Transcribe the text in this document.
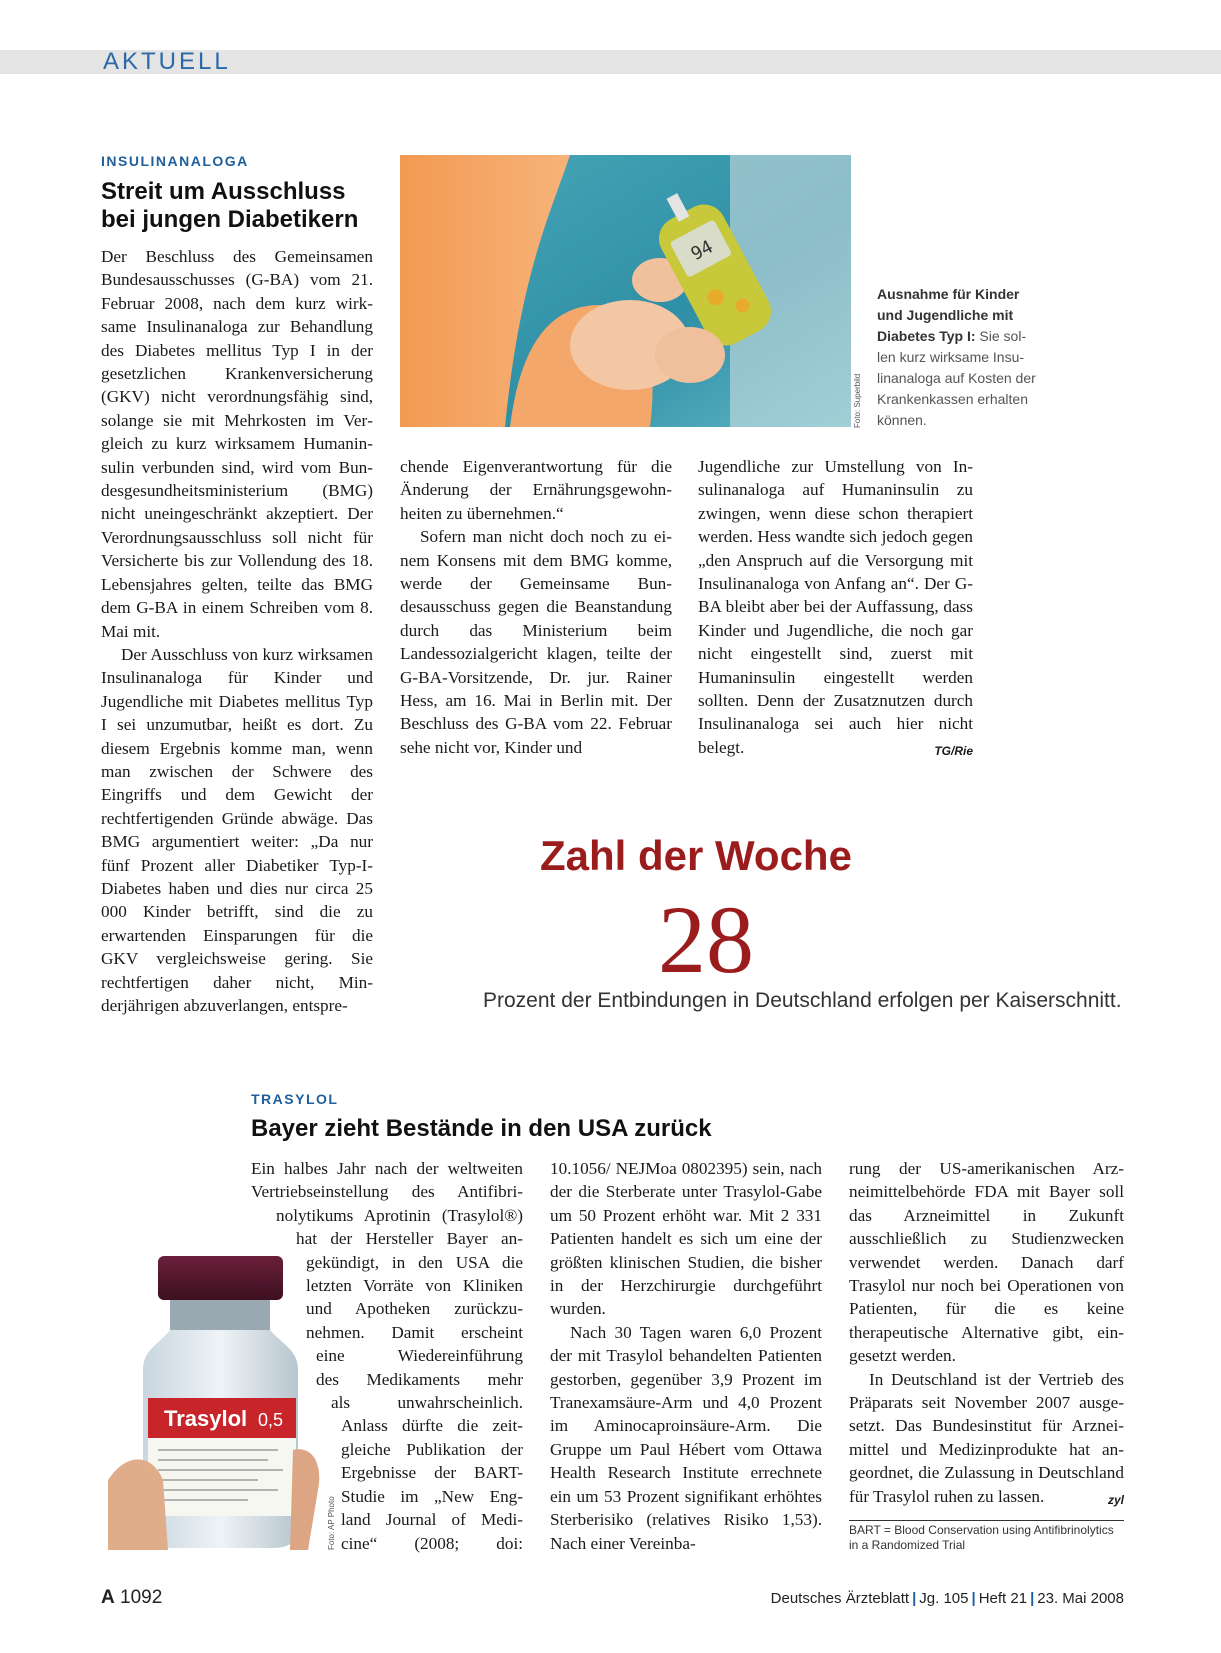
AKTUELL
INSULINANALOGA
Streit um Ausschluss
bei jungen Diabetikern

Der Beschluss des Gemeinsamen Bundesausschusses (G-BA) vom 21. Februar 2008, nach dem kurz wirksame Insulinanaloga zur Behandlung des Diabetes mellitus Typ I in der gesetzlichen Krankenversicherung (GKV) nicht verordnungsfähig sind, solange sie mit Mehrkosten im Vergleich zu kurz wirksamem Humaninsulin verbunden sind, wird vom Bundesgesundheitsministerium (BMG) nicht uneingeschränkt akzeptiert. Der Verordnungsausschluss soll nicht für Versicherte bis zur Vollendung des 18. Lebensjahres gelten, teilte das BMG dem G-BA in einem Schreiben vom 8. Mai mit.

Der Ausschluss von kurz wirksamen Insulinanaloga für Kinder und Jugendliche mit Diabetes mellitus Typ I sei unzumutbar, heißt es dort. Zu diesem Ergebnis komme man, wenn man zwischen der Schwere des Eingriffs und dem Gewicht der rechtfertigenden Gründe abwäge. Das BMG argumentiert weiter: „Da nur fünf Prozent aller Diabetiker Typ-I-Diabetes haben und dies nur circa 25 000 Kinder betrifft, sind die zu erwartenden Einsparungen für die GKV vergleichsweise gering. Sie rechtfertigen daher nicht, Minderjährigen abzuverlangen, entspre-

94
Foto: Superbild
Ausnahme für Kinder und Jugendliche mit Diabetes Typ I: Sie sollen kurz wirksame Insulinanaloga auf Kosten der Krankenkassen erhalten können.

chende Eigenverantwortung für die Änderung der Ernährungsgewohnheiten zu übernehmen.“

Sofern man nicht doch noch zu einem Konsens mit dem BMG komme, werde der Gemeinsame Bundesausschuss gegen die Beanstandung durch das Ministerium beim Landessozialgericht klagen, teilte der G-BA-Vorsitzende, Dr. jur. Rainer Hess, am 16. Mai in Berlin mit. Der Beschluss des G-BA vom 22. Februar sehe nicht vor, Kinder und

Jugendliche zur Umstellung von Insulinanaloga auf Humaninsulin zu zwingen, wenn diese schon therapiert werden. Hess wandte sich jedoch gegen „den Anspruch auf die Versorgung mit Insulinanaloga von Anfang an“. Der G-BA bleibt aber bei der Auffassung, dass Kinder und Jugendliche, die noch gar nicht eingestellt sind, zuerst mit Humaninsulin eingestellt werden sollten. Denn der Zusatznutzen durch Insulinanaloga sei auch hier nicht belegt.	TG/Rie

Zahl der Woche
28
Prozent der Entbindungen in Deutschland erfolgen per Kaiserschnitt.
TRASYLOL
Bayer zieht Bestände in den USA zurück
Trasylol 0,5
Foto: AP Photo
Ein halbes Jahr nach der weltweiten
Vertriebseinstellung des Antifibri-
nolytikums Aprotinin (Trasylol®)
hat der Hersteller Bayer an-
gekündigt, in den USA die
letzten Vorräte von Kliniken
und Apotheken zurückzu-
nehmen. Damit erscheint
eine Wiedereinführung
des Medikaments mehr
als unwahrscheinlich.
Anlass dürfte die zeit-
gleiche Publikation der
Ergebnisse der BART-
Studie im „New Eng-
land Journal of Medi-
cine“ (2008; doi:

10.1056/ NEJMoa 0802395) sein, nach der die Sterberate unter Trasylol-Gabe um 50 Prozent erhöht war. Mit 2 331 Patienten handelt es sich um eine der größten klinischen Studien, die bisher in der Herzchirurgie durchgeführt wurden.

Nach 30 Tagen waren 6,0 Prozent der mit Trasylol behandelten Patienten gestorben, gegenüber 3,9 Prozent im Tranexamsäure-Arm und 4,0 Prozent im Aminocaproinsäure-Arm. Die Gruppe um Paul Hébert vom Ottawa Health Research Institute errechnete ein um 53 Prozent signifikant erhöhtes Sterberisiko (relatives Risiko 1,53). Nach einer Vereinba-

rung der US-amerikanischen Arzneimittelbehörde FDA mit Bayer soll das Arzneimittel in Zukunft ausschließlich zu Studienzwecken verwendet werden. Danach darf Trasylol nur noch bei Operationen von Patienten, für die es keine therapeutische Alternative gibt, eingesetzt werden.

In Deutschland ist der Vertrieb des Präparats seit November 2007 ausgesetzt. Das Bundesinstitut für Arzneimittel und Medizinprodukte hat angeordnet, die Zulassung in Deutschland für Trasylol ruhen zu lassen.	zyl

BART = Blood Conservation using Antifibrinolytics in a Randomized Trial
A 1092	Deutsches Ärzteblatt | Jg. 105 | Heft 21 | 23. Mai 2008
